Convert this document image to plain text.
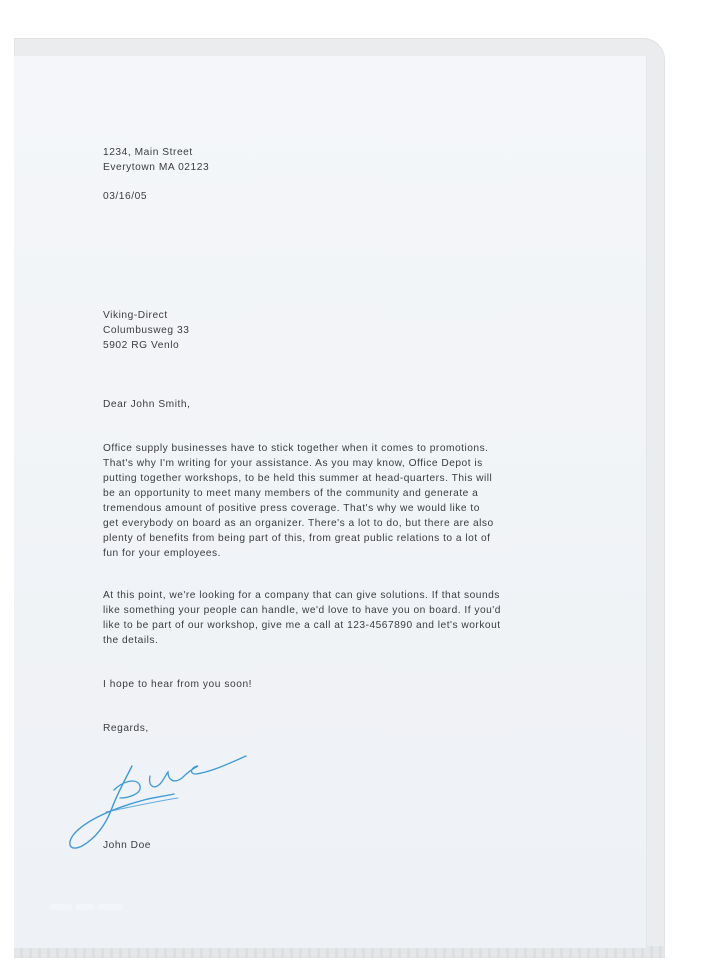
1234, Main Street

Everytown MA 02123

03/16/05

Viking-Direct

Columbusweg 33

5902 RG Venlo

Dear John Smith,

Office supply businesses have to stick together when it comes to promotions.
That's why I'm writing for your assistance. As you may know, Office Depot is
putting together workshops, to be held this summer at head-quarters. This will
be an opportunity to meet many members of the community and generate a
tremendous amount of positive press coverage. That's why we would like to
get everybody on board as an organizer. There's a lot to do, but there are also
plenty of benefits from being part of this, from great public relations to a lot of
fun for your employees.
At this point, we're looking for a company that can give solutions. If that sounds
like something your people can handle, we'd love to have you on board. If you'd
like to be part of our workshop, give me a call at 123-4567890 and let's workout
the details.

I hope to hear from you soon!

Regards,

John Doe
